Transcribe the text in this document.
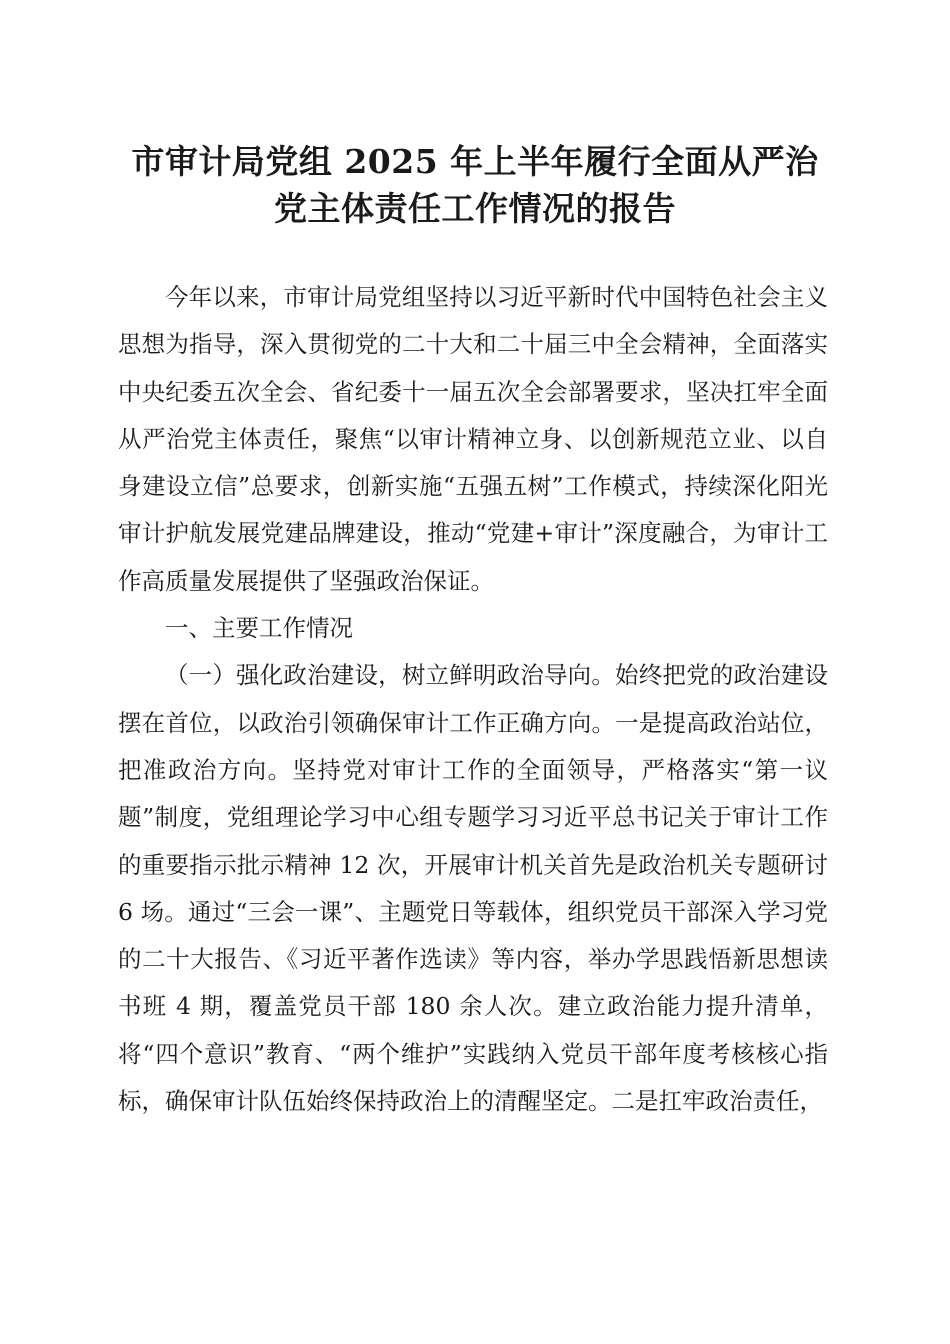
市审计局党组 2025 年上半年履行全面从严治
党主体责任工作情况的报告

今年以来，市审计局党组坚持以习近平新时代中国特色社会主义思想为指导，深入贯彻党的二十大和二十届三中全会精神，全面落实中央纪委五次全会、省纪委十一届五次全会部署要求，坚决扛牢全面从严治党主体责任，聚焦“以审计精神立身、以创新规范立业、以自身建设立信”总要求，创新实施“五强五树”工作模式，持续深化阳光审计护航发展党建品牌建设，推动“党建+审计”深度融合，为审计工作高质量发展提供了坚强政治保证。

一、主要工作情况

（一）强化政治建设，树立鲜明政治导向。始终把党的政治建设摆在首位，以政治引领确保审计工作正确方向。一是提高政治站位，把准政治方向。坚持党对审计工作的全面领导，严格落实“第一议题”制度，党组理论学习中心组专题学习习近平总书记关于审计工作的重要指示批示精神 12 次，开展审计机关首先是政治机关专题研讨 6 场。通过“三会一课”、主题党日等载体，组织党员干部深入学习党的二十大报告、《习近平著作选读》等内容，举办学思践悟新思想读书班 4 期，覆盖党员干部 180 余人次。建立政治能力提升清单，将“四个意识”教育、“两个维护”实践纳入党员干部年度考核核心指标，确保审计队伍始终保持政治上的清醒坚定。二是扛牢政治责任，
